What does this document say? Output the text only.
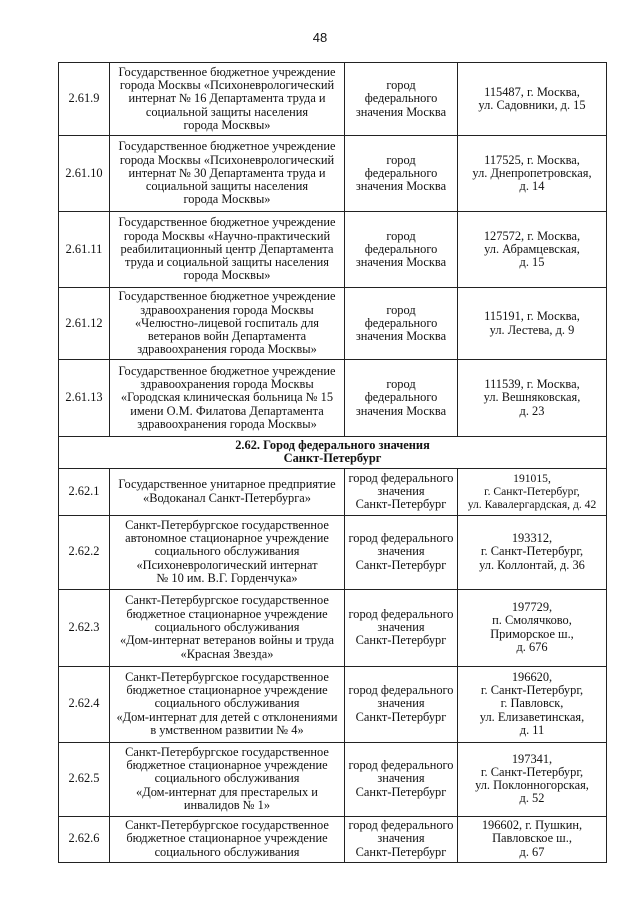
48
2.61.9	Государственное бюджетное учреждение
города Москвы «Психоневрологический
интернат № 16 Департамента труда и
социальной защиты населения
города Москвы»	город
федерального
значения Москва	115487, г. Москва,
ул. Садовники, д. 15

2.61.10	Государственное бюджетное учреждение
города Москвы «Психоневрологический
интернат № 30 Департамента труда и
социальной защиты населения
города Москвы»	город
федерального
значения Москва	117525, г. Москва,
ул. Днепропетровская,
д. 14

2.61.11	Государственное бюджетное учреждение
города Москвы «Научно-практический
реабилитационный центр Департамента
труда и социальной защиты населения
города Москвы»	город
федерального
значения Москва	127572, г. Москва,
ул. Абрамцевская,
д. 15

2.61.12	Государственное бюджетное учреждение
здравоохранения города Москвы
«Челюстно-лицевой госпиталь для
ветеранов войн Департамента
здравоохранения города Москвы»	город
федерального
значения Москва	115191, г. Москва,
ул. Лестева, д. 9

2.61.13	Государственное бюджетное учреждение
здравоохранения города Москвы
«Городская клиническая больница № 15
имени О.М. Филатова Департамента
здравоохранения города Москвы»	город
федерального
значения Москва	111539, г. Москва,
ул. Вешняковская,
д. 23

2.62. Город федерального значения
Санкт-Петербург			

2.62.1	Государственное унитарное предприятие
«Водоканал Санкт-Петербурга»	город федерального
значения
Санкт-Петербург	191015,
г. Санкт-Петербург,
ул. Кавалергардская, д. 42

2.62.2	Санкт-Петербургское государственное
автономное стационарное учреждение
социального обслуживания
«Психоневрологический интернат
№ 10 им. В.Г. Горденчука»	город федерального
значения
Санкт-Петербург	193312,
г. Санкт-Петербург,
ул. Коллонтай, д. 36

2.62.3	Санкт-Петербургское государственное
бюджетное стационарное учреждение
социального обслуживания
«Дом-интернат ветеранов войны и труда
«Красная Звезда»	город федерального
значения
Санкт-Петербург	197729,
п. Смолячково,
Приморское ш.,
д. 676

2.62.4	Санкт-Петербургское государственное
бюджетное стационарное учреждение
социального обслуживания
«Дом-интернат для детей с отклонениями
в умственном развитии № 4»	город федерального
значения
Санкт-Петербург	196620,
г. Санкт-Петербург,
г. Павловск,
ул. Елизаветинская,
д. 11

2.62.5	Санкт-Петербургское государственное
бюджетное стационарное учреждение
социального обслуживания
«Дом-интернат для престарелых и
инвалидов № 1»	город федерального
значения
Санкт-Петербург	197341,
г. Санкт-Петербург,
ул. Поклонногорская,
д. 52

2.62.6	Санкт-Петербургское государственное
бюджетное стационарное учреждение
социального обслуживания	город федерального
значения
Санкт-Петербург	196602, г. Пушкин,
Павловское ш.,
д. 67
